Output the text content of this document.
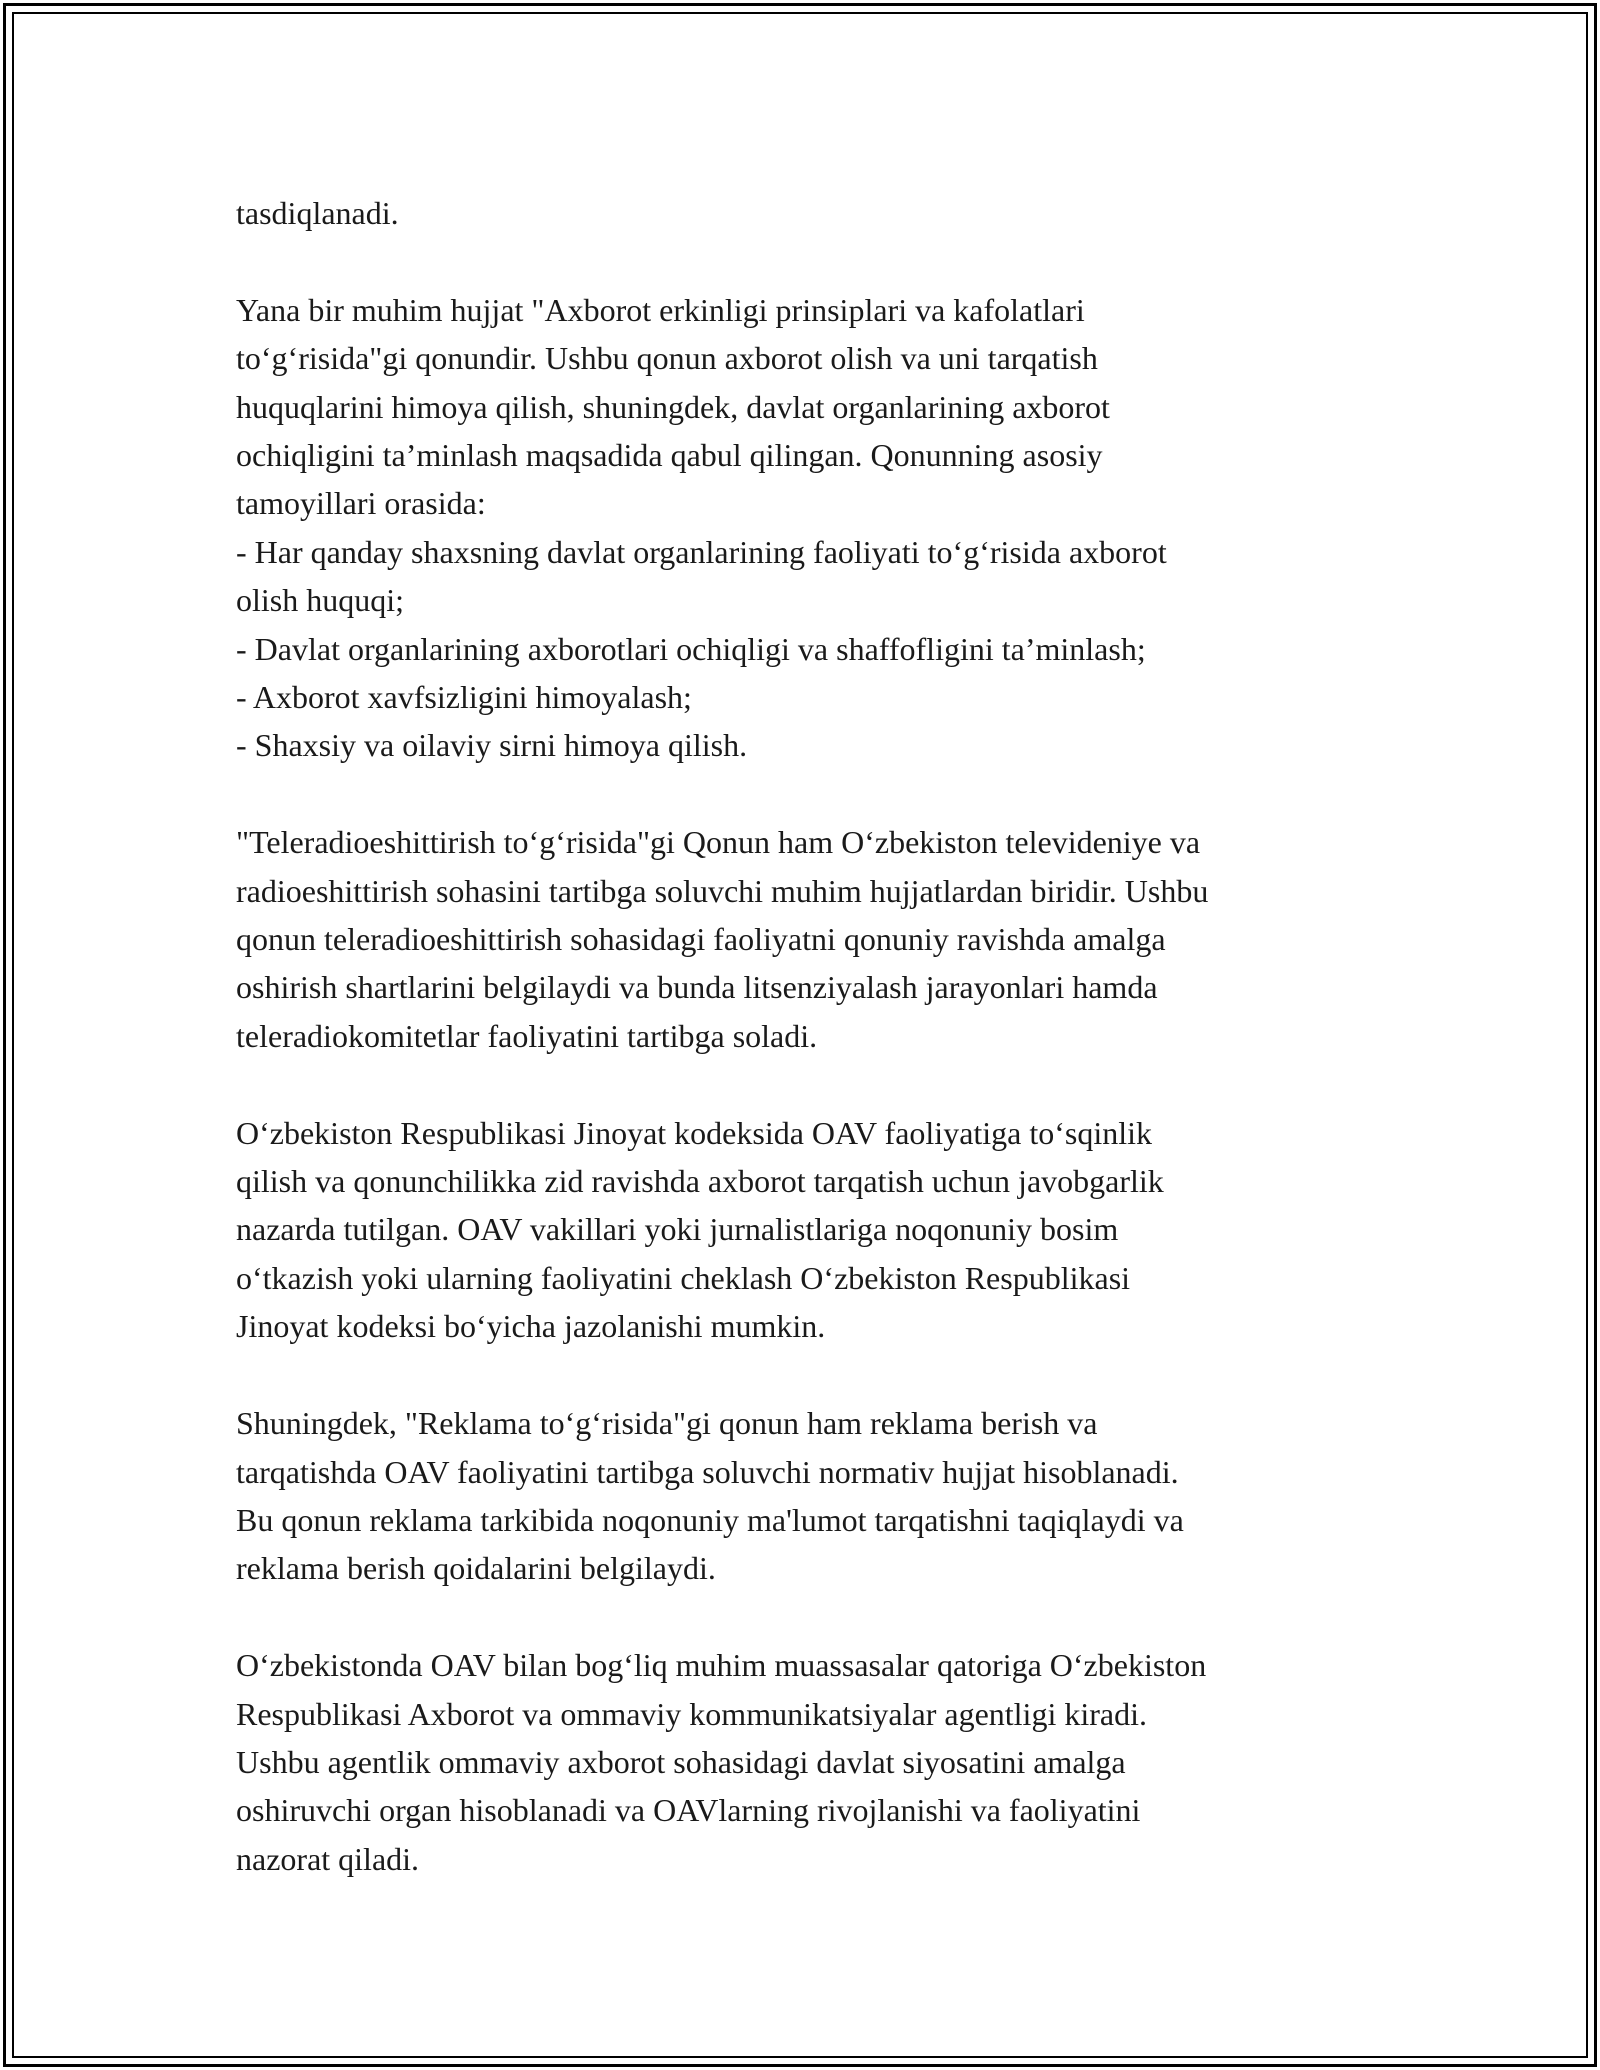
tasdiqlanadi.

Yana bir muhim hujjat "Axborot erkinligi prinsiplari va kafolatlari
to‘g‘risida"gi qonundir. Ushbu qonun axborot olish va uni tarqatish
huquqlarini himoya qilish, shuningdek, davlat organlarining axborot
ochiqligini ta’minlash maqsadida qabul qilingan. Qonunning asosiy
tamoyillari orasida:
- Har qanday shaxsning davlat organlarining faoliyati to‘g‘risida axborot
olish huquqi;
- Davlat organlarining axborotlari ochiqligi va shaffofligini ta’minlash;
- Axborot xavfsizligini himoyalash;
- Shaxsiy va oilaviy sirni himoya qilish.

"Teleradioeshittirish to‘g‘risida"gi Qonun ham O‘zbekiston televideniye va
radioeshittirish sohasini tartibga soluvchi muhim hujjatlardan biridir. Ushbu
qonun teleradioeshittirish sohasidagi faoliyatni qonuniy ravishda amalga
oshirish shartlarini belgilaydi va bunda litsenziyalash jarayonlari hamda
teleradiokomitetlar faoliyatini tartibga soladi.

O‘zbekiston Respublikasi Jinoyat kodeksida OAV faoliyatiga to‘sqinlik
qilish va qonunchilikka zid ravishda axborot tarqatish uchun javobgarlik
nazarda tutilgan. OAV vakillari yoki jurnalistlariga noqonuniy bosim
o‘tkazish yoki ularning faoliyatini cheklash O‘zbekiston Respublikasi
Jinoyat kodeksi bo‘yicha jazolanishi mumkin.

Shuningdek, "Reklama to‘g‘risida"gi qonun ham reklama berish va
tarqatishda OAV faoliyatini tartibga soluvchi normativ hujjat hisoblanadi.
Bu qonun reklama tarkibida noqonuniy ma'lumot tarqatishni taqiqlaydi va
reklama berish qoidalarini belgilaydi.

O‘zbekistonda OAV bilan bog‘liq muhim muassasalar qatoriga O‘zbekiston
Respublikasi Axborot va ommaviy kommunikatsiyalar agentligi kiradi.
Ushbu agentlik ommaviy axborot sohasidagi davlat siyosatini amalga
oshiruvchi organ hisoblanadi va OAVlarning rivojlanishi va faoliyatini
nazorat qiladi.
